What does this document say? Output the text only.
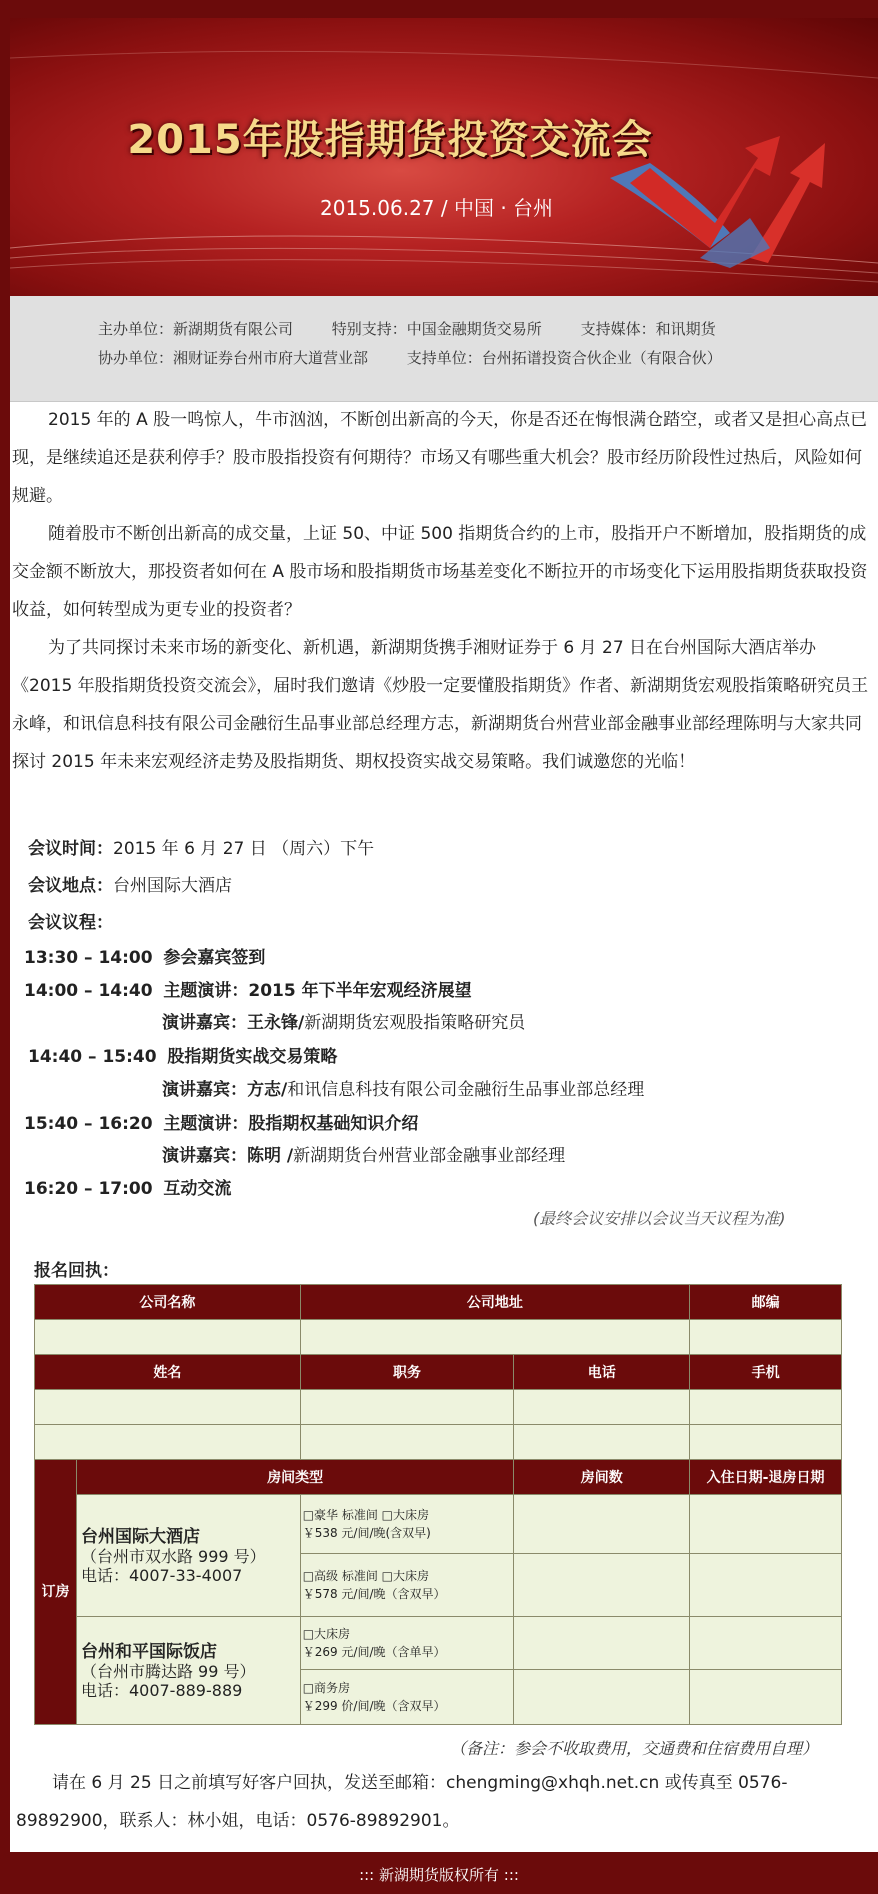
2015年股指期货投资交流会
2015.06.27 / 中国 · 台州
主办单位：新湖期货有限公司	特别支持：中国金融期货交易所	支持媒体：和讯期货
协办单位：湘财证券台州市府大道营业部	支持单位：台州拓谱投资合伙企业（有限合伙）

2015 年的 A 股一鸣惊人，牛市汹汹，不断创出新高的今天，你是否还在悔恨满仓踏空，或者又是担心高点已现，是继续追还是获利停手？股市股指投资有何期待？市场又有哪些重大机会？股市经历阶段性过热后，风险如何规避。

随着股市不断创出新高的成交量，上证 50、中证 500 指期货合约的上市，股指开户不断增加，股指期货的成交金额不断放大，那投资者如何在 A 股市场和股指期货市场基差变化不断拉开的市场变化下运用股指期货获取投资收益，如何转型成为更专业的投资者？

为了共同探讨未来市场的新变化、新机遇，新湖期货携手湘财证券于 6 月 27 日在台州国际大酒店举办《2015 年股指期货投资交流会》，届时我们邀请《炒股一定要懂股指期货》作者、新湖期货宏观股指策略研究员王永峰，和讯信息科技有限公司金融衍生品事业部总经理方志，新湖期货台州营业部金融事业部经理陈明与大家共同探讨 2015 年未来宏观经济走势及股指期货、期权投资实战交易策略。我们诚邀您的光临！

会议时间：2015 年 6 月 27 日 （周六）下午
会议地点：台州国际大酒店
会议议程：
13:30 – 14:00 参会嘉宾签到
14:00 – 14:40 主题演讲：2015 年下半年宏观经济展望
演讲嘉宾：王永锋/新湖期货宏观股指策略研究员
14:40 – 15:40 股指期货实战交易策略
演讲嘉宾：方志/和讯信息科技有限公司金融衍生品事业部总经理
15:40 – 16:20 主题演讲：股指期权基础知识介绍
演讲嘉宾：陈明 /新湖期货台州营业部金融事业部经理
16:20 – 17:00 互动交流
(最终会议安排以会议当天议程为准)
报名回执：
公司名称		公司地址		邮编

姓名		职务	电话	手机

订房	房间类型		房间数	入住日期-退房日期
	台州国际大酒店
（台州市双水路 999 号）
电话：4007-33-4007	□豪华 标准间 □大床房
￥538 元/间/晚(含双早)		
		□高级 标准间 □大床房
￥578 元/间/晚（含双早）		
	台州和平国际饭店
（台州市腾达路 99 号）
电话：4007-889-889	□大床房
￥269 元/间/晚（含单早）		
		□商务房
￥299 价/间/晚（含双早）		
（备注：参会不收取费用，交通费和住宿费用自理）

请在 6 月 25 日之前填写好客户回执，发送至邮箱：chengming@xhqh.net.cn 或传真至 0576-89892900，联系人：林小姐，电话：0576-89892901。

::: 新湖期货版权所有 :::
